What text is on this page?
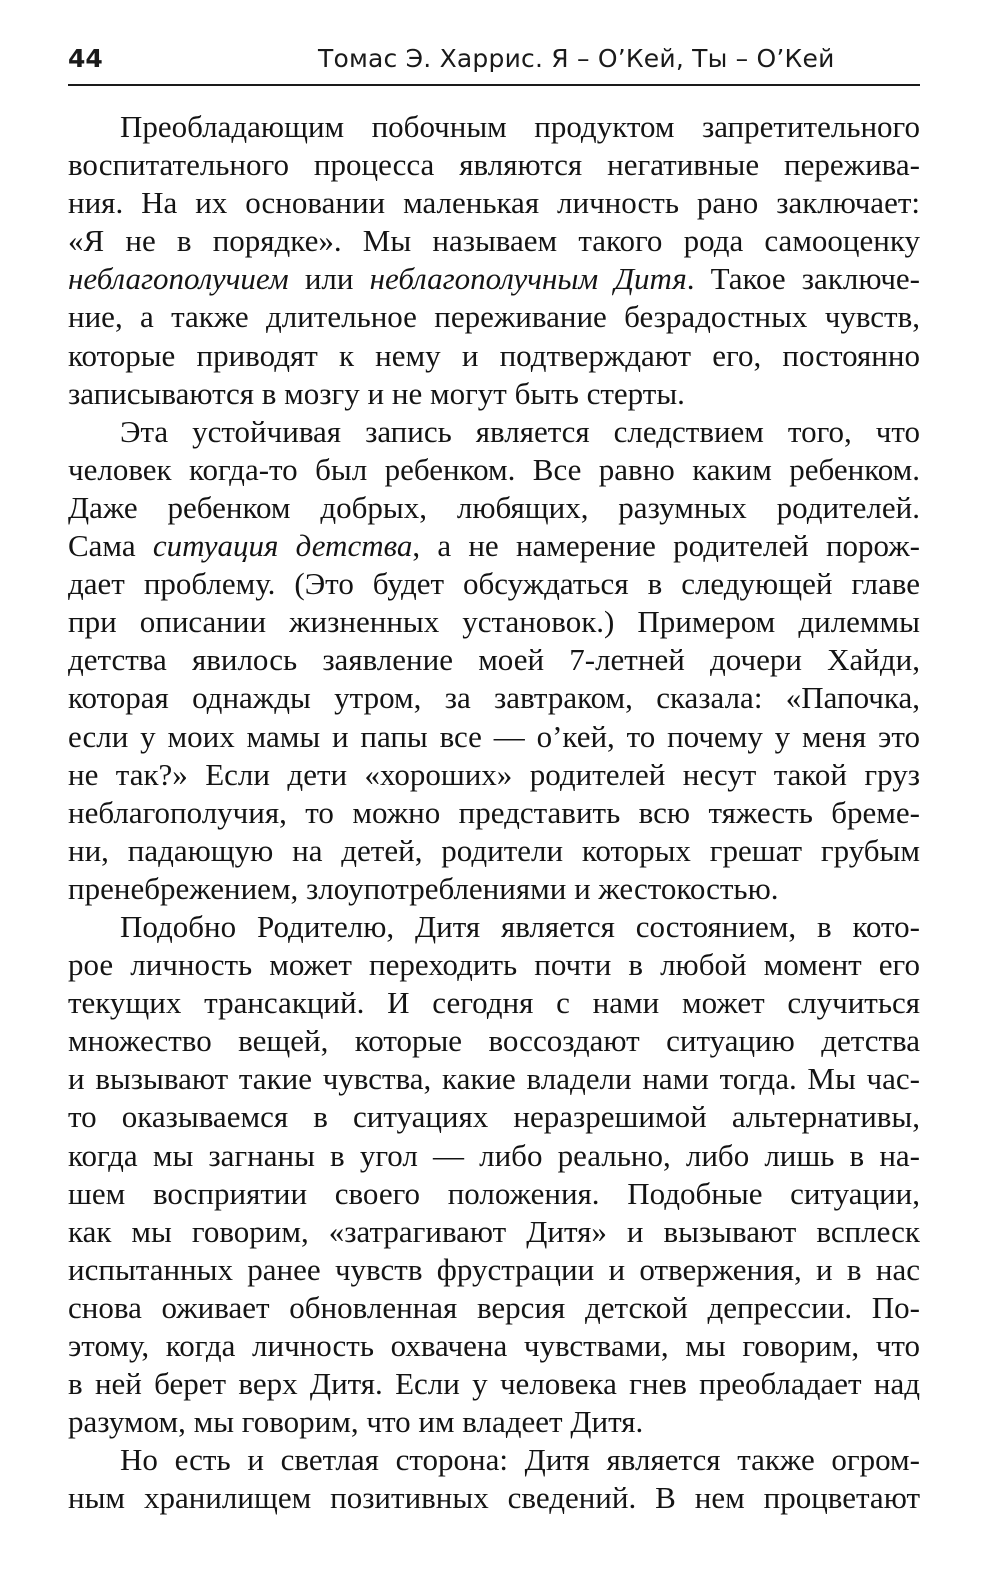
44	Томас Э. Харрис. Я – О’Кей, Ты – О’Кей
Преобладающим побочным продуктом запретительного
воспитательного процесса являются негативные пережива-
ния. На их основании маленькая личность рано заключает:
«Я не в порядке». Мы называем такого рода самооценку
неблагополучием или неблагополучным Дитя. Такое заключе-
ние, а также длительное переживание безрадостных чувств,
которые приводят к нему и подтверждают его, постоянно
записываются в мозгу и не могут быть стерты.
Эта устойчивая запись является следствием того, что
человек когда-то был ребенком. Все равно каким ребенком.
Даже ребенком добрых, любящих, разумных родителей.
Сама ситуация детства, а не намерение родителей порож-
дает проблему. (Это будет обсуждаться в следующей главе
при описании жизненных установок.) Примером дилеммы
детства явилось заявление моей 7-летней дочери Хайди,
которая однажды утром, за завтраком, сказала: «Папочка,
если у моих мамы и папы все — о’кей, то почему у меня это
не так?» Если дети «хороших» родителей несут такой груз
неблагополучия, то можно представить всю тяжесть бреме-
ни, падающую на детей, родители которых грешат грубым
пренебрежением, злоупотреблениями и жестокостью.
Подобно Родителю, Дитя является состоянием, в кото-
рое личность может переходить почти в любой момент его
текущих трансакций. И сегодня с нами может случиться
множество вещей, которые воссоздают ситуацию детства
и вызывают такие чувства, какие владели нами тогда. Мы час-
то оказываемся в ситуациях неразрешимой альтернативы,
когда мы загнаны в угол — либо реально, либо лишь в на-
шем восприятии своего положения. Подобные ситуации,
как мы говорим, «затрагивают Дитя» и вызывают всплеск
испытанных ранее чувств фрустрации и отвержения, и в нас
снова оживает обновленная версия детской депрессии. По-
этому, когда личность охвачена чувствами, мы говорим, что
в ней берет верх Дитя. Если у человека гнев преобладает над
разумом, мы говорим, что им владеет Дитя.
Но есть и светлая сторона: Дитя является также огром-
ным хранилищем позитивных сведений. В нем процветают
